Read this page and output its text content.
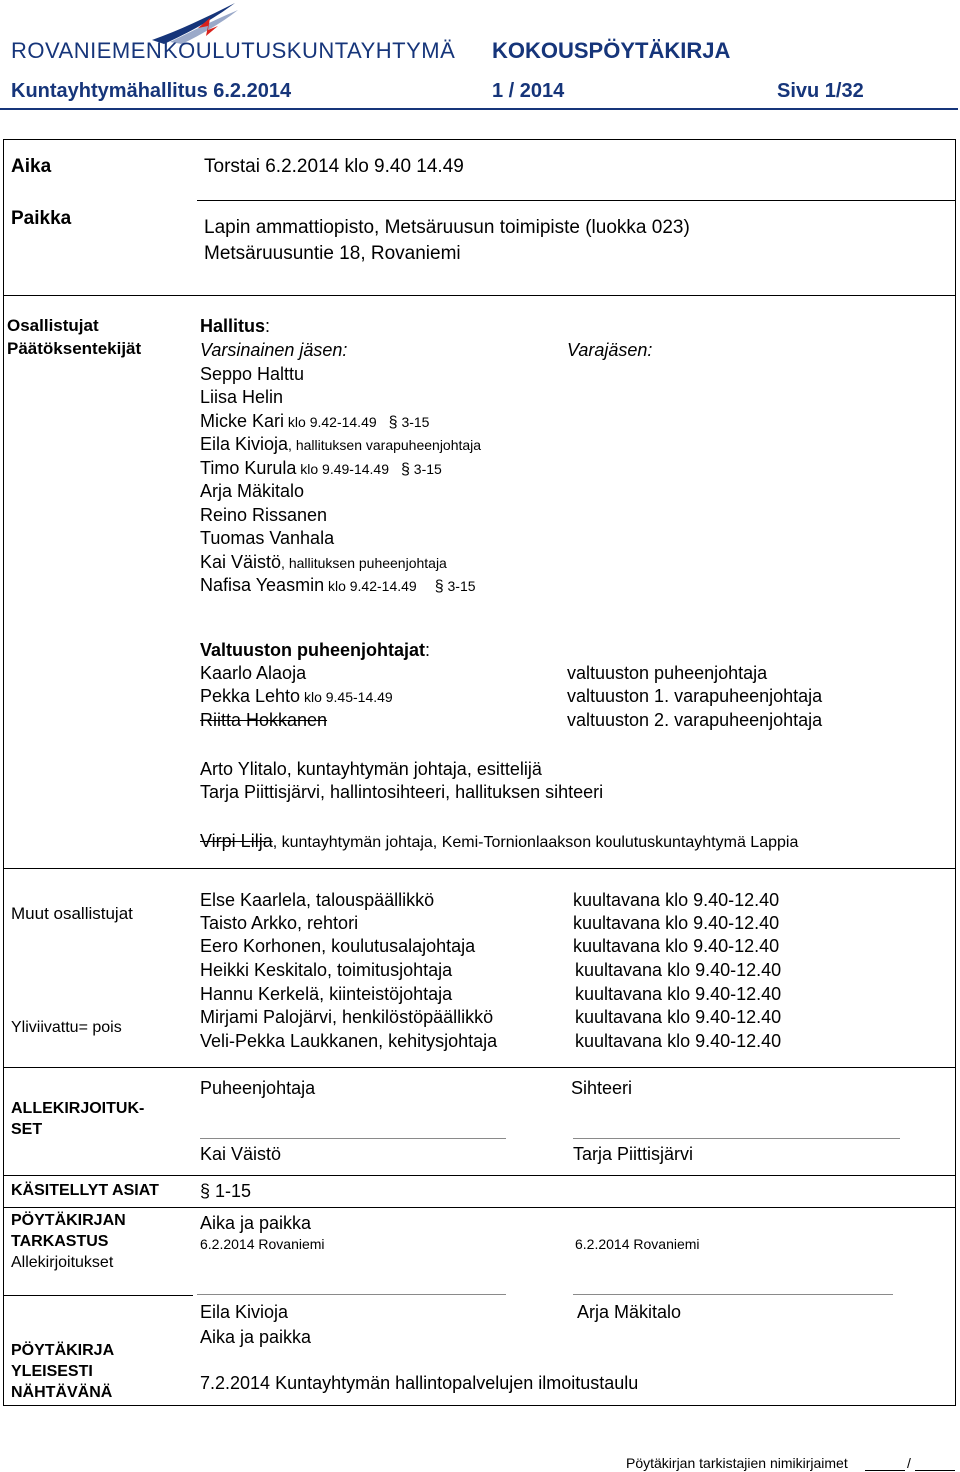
ROVANIEMEN KOULUTUSKUNTAYHTYMÄ KOKOUSPÖYTÄKIRJA
Kuntayhtymähallitus 6.2.2014	1 / 2014	Sivu 1/32
Aika	Torstai 6.2.2014 klo 9.40 14.49
Paikka	Lapin ammattiopisto, Metsäruusun toimipiste (luokka 023)
Metsäruusuntie 18, Rovaniemi
Osallistujat
Päätöksentekijät
Hallitus:
Varsinainen jäsen:	Varajäsen:
Seppo Halttu
Liisa Helin
Micke Kari klo 9.42-14.49 § 3-15
Eila Kivioja, hallituksen varapuheenjohtaja
Timo Kurula klo 9.49-14.49 § 3-15
Arja Mäkitalo
Reino Rissanen
Tuomas Vanhala
Kai Väistö, hallituksen puheenjohtaja
Nafisa Yeasmin klo 9.42-14.49 § 3-15
Valtuuston puheenjohtajat:
Kaarlo Alaoja	valtuuston puheenjohtaja
Pekka Lehto klo 9.45-14.49	valtuuston 1. varapuheenjohtaja
Riitta Hokkanen	valtuuston 2. varapuheenjohtaja
Arto Ylitalo, kuntayhtymän johtaja, esittelijä
Tarja Piittisjärvi, hallintosihteeri, hallituksen sihteeri
Virpi Lilja, kuntayhtymän johtaja, Kemi-Tornionlaakson koulutuskuntayhtymä Lappia
Muut osallistujat
Yliviivattu= pois
Else Kaarlela, talouspäällikkö	kuultavana klo 9.40-12.40
Taisto Arkko, rehtori	kuultavana klo 9.40-12.40
Eero Korhonen, koulutusalajohtaja	kuultavana klo 9.40-12.40
Heikki Keskitalo, toimitusjohtaja	kuultavana klo 9.40-12.40
Hannu Kerkelä, kiinteistöjohtaja	kuultavana klo 9.40-12.40
Mirjami Palojärvi, henkilöstöpäällikkö	kuultavana klo 9.40-12.40
Veli-Pekka Laukkanen, kehitysjohtaja	kuultavana klo 9.40-12.40
ALLEKIRJOITUK-
SET
Puheenjohtaja	Sihteeri
Kai Väistö	Tarja Piittisjärvi
KÄSITELLYT ASIAT § 1-15
PÖYTÄKIRJAN
TARKASTUS
Allekirjoitukset
Aika ja paikka
6.2.2014 Rovaniemi	6.2.2014 Rovaniemi
Eila Kivioja	Arja Mäkitalo
PÖYTÄKIRJA
YLEISESTI
NÄHTÄVÄNÄ
Aika ja paikka
7.2.2014 Kuntayhtymän hallintopalvelujen ilmoitustaulu
Pöytäkirjan tarkistajien nimikirjaimet	/
